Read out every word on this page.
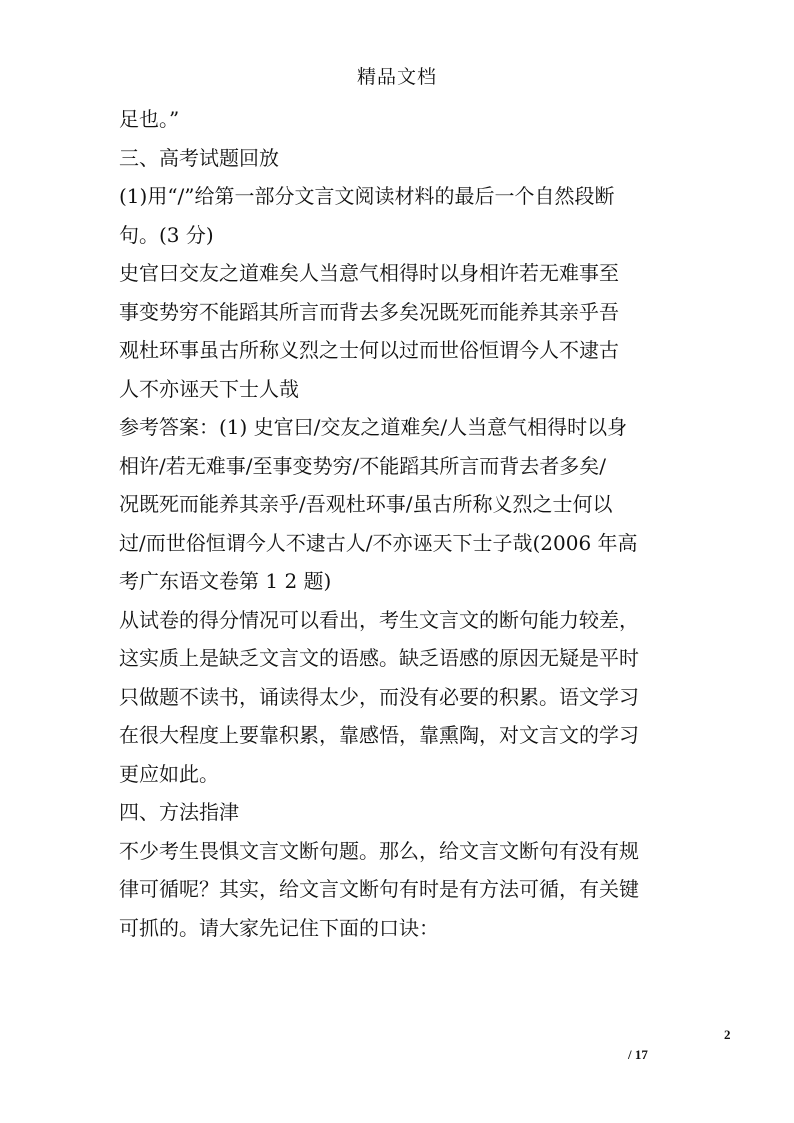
精品文档

足也。”

三、高考试题回放

(1)用“/”给第一部分文言文阅读材料的最后一个自然段断

句。(3 分)

史官曰交友之道难矣人当意气相得时以身相许若无难事至

事变势穷不能蹈其所言而背去多矣况既死而能养其亲乎吾

观杜环事虽古所称义烈之士何以过而世俗恒谓今人不逮古

人不亦诬天下士人哉

参考答案：(1) 史官曰/交友之道难矣/人当意气相得时以身

相许/若无难事/至事变势穷/不能蹈其所言而背去者多矣/

况既死而能养其亲乎/吾观杜环事/虽古所称义烈之士何以

过/而世俗恒谓今人不逮古人/不亦诬天下士子哉(2006 年高

考广东语文卷第 1 2 题)

从试卷的得分情况可以看出，考生文言文的断句能力较差，

这实质上是缺乏文言文的语感。缺乏语感的原因无疑是平时

只做题不读书，诵读得太少，而没有必要的积累。语文学习

在很大程度上要靠积累，靠感悟，靠熏陶，对文言文的学习

更应如此。

四、方法指津

不少考生畏惧文言文断句题。那么，给文言文断句有没有规

律可循呢？其实，给文言文断句有时是有方法可循，有关键

可抓的。请大家先记住下面的口诀：

2
/ 17
